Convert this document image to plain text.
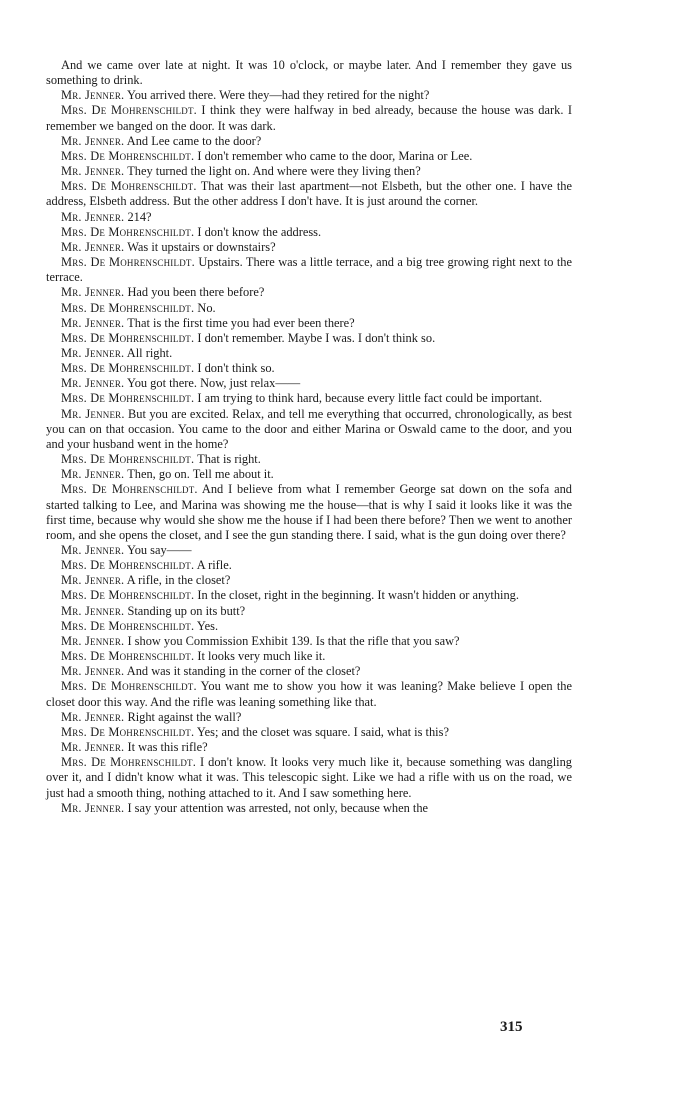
And we came over late at night. It was 10 o'clock, or maybe later. And I remember they gave us something to drink.

Mr. Jenner. You arrived there. Were they—had they retired for the night?

Mrs. De Mohrenschildt. I think they were halfway in bed already, because the house was dark. I remember we banged on the door. It was dark.

Mr. Jenner. And Lee came to the door?

Mrs. De Mohrenschildt. I don't remember who came to the door, Marina or Lee.

Mr. Jenner. They turned the light on. And where were they living then?

Mrs. De Mohrenschildt. That was their last apartment—not Elsbeth, but the other one. I have the address, Elsbeth address. But the other address I don't have. It is just around the corner.

Mr. Jenner. 214?

Mrs. De Mohrenschildt. I don't know the address.

Mr. Jenner. Was it upstairs or downstairs?

Mrs. De Mohrenschildt. Upstairs. There was a little terrace, and a big tree growing right next to the terrace.

Mr. Jenner. Had you been there before?

Mrs. De Mohrenschildt. No.

Mr. Jenner. That is the first time you had ever been there?

Mrs. De Mohrenschildt. I don't remember. Maybe I was. I don't think so.

Mr. Jenner. All right.

Mrs. De Mohrenschildt. I don't think so.

Mr. Jenner. You got there. Now, just relax——

Mrs. De Mohrenschildt. I am trying to think hard, because every little fact could be important.

Mr. Jenner. But you are excited. Relax, and tell me everything that occurred, chronologically, as best you can on that occasion. You came to the door and either Marina or Oswald came to the door, and you and your husband went in the home?

Mrs. De Mohrenschildt. That is right.

Mr. Jenner. Then, go on. Tell me about it.

Mrs. De Mohrenschildt. And I believe from what I remember George sat down on the sofa and started talking to Lee, and Marina was showing me the house—that is why I said it looks like it was the first time, because why would she show me the house if I had been there before? Then we went to another room, and she opens the closet, and I see the gun standing there. I said, what is the gun doing over there?

Mr. Jenner. You say——

Mrs. De Mohrenschildt. A rifle.

Mr. Jenner. A rifle, in the closet?

Mrs. De Mohrenschildt. In the closet, right in the beginning. It wasn't hidden or anything.

Mr. Jenner. Standing up on its butt?

Mrs. De Mohrenschildt. Yes.

Mr. Jenner. I show you Commission Exhibit 139. Is that the rifle that you saw?

Mrs. De Mohrenschildt. It looks very much like it.

Mr. Jenner. And was it standing in the corner of the closet?

Mrs. De Mohrenschildt. You want me to show you how it was leaning? Make believe I open the closet door this way. And the rifle was leaning something like that.

Mr. Jenner. Right against the wall?

Mrs. De Mohrenschildt. Yes; and the closet was square. I said, what is this?

Mr. Jenner. It was this rifle?

Mrs. De Mohrenschildt. I don't know. It looks very much like it, because something was dangling over it, and I didn't know what it was. This telescopic sight. Like we had a rifle with us on the road, we just had a smooth thing, nothing attached to it. And I saw something here.

Mr. Jenner. I say your attention was arrested, not only, because when the

315
